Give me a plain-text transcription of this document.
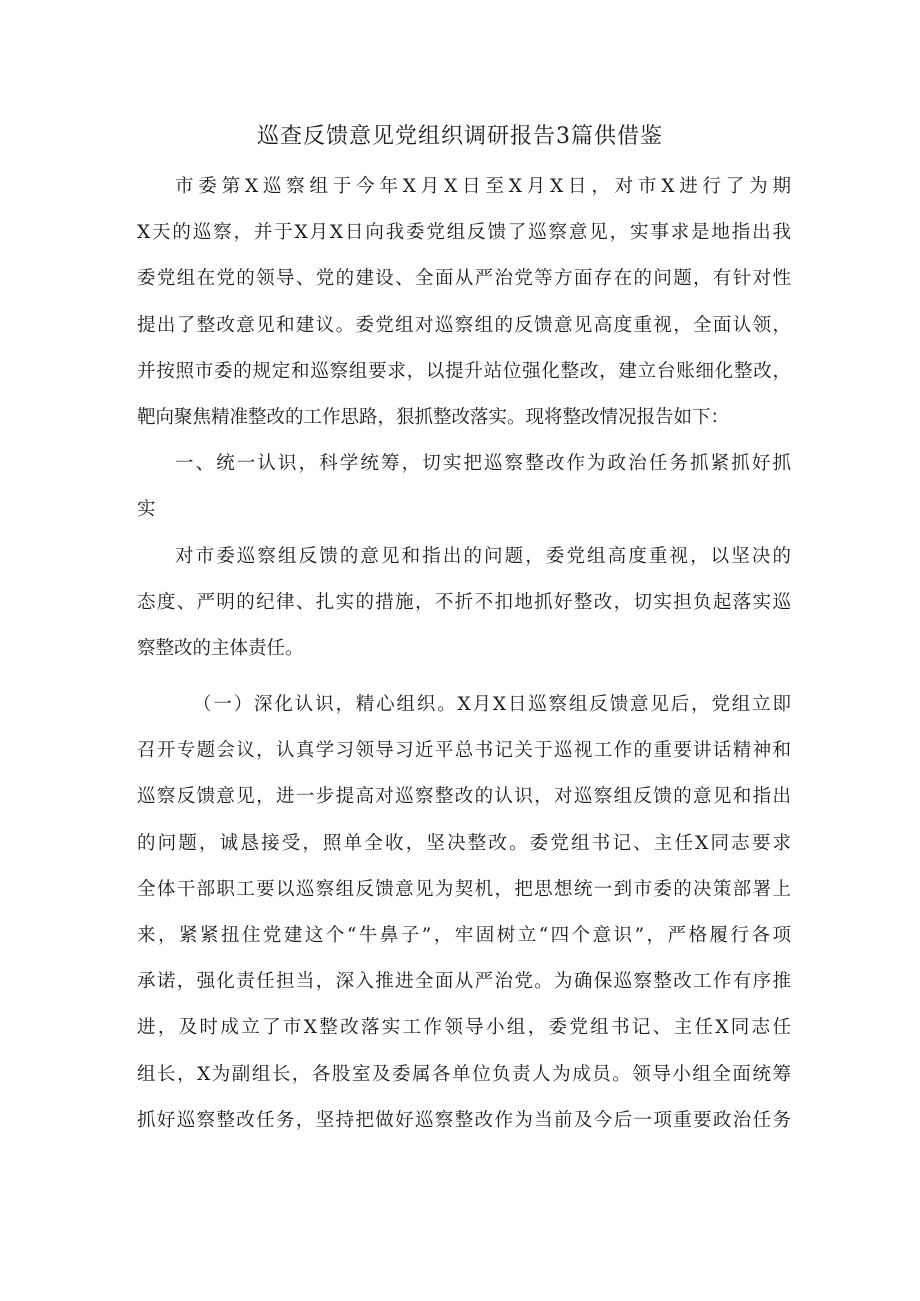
巡查反馈意见党组织调研报告3篇供借鉴
市委第X巡察组于今年X月X日至X月X日，对市X进行了为期
X天的巡察，并于X月X日向我委党组反馈了巡察意见，实事求是地指出我
委党组在党的领导、党的建设、全面从严治党等方面存在的问题，有针对性
提出了整改意见和建议。委党组对巡察组的反馈意见高度重视，全面认领，
并按照市委的规定和巡察组要求，以提升站位强化整改，建立台账细化整改，
靶向聚焦精准整改的工作思路，狠抓整改落实。现将整改情况报告如下：
一、统一认识，科学统筹，切实把巡察整改作为政治任务抓紧抓好抓
实
对市委巡察组反馈的意见和指出的问题，委党组高度重视，以坚决的
态度、严明的纪律、扎实的措施，不折不扣地抓好整改，切实担负起落实巡
察整改的主体责任。
（一）深化认识，精心组织。X月X日巡察组反馈意见后，党组立即
召开专题会议，认真学习领导习近平总书记关于巡视工作的重要讲话精神和
巡察反馈意见，进一步提高对巡察整改的认识，对巡察组反馈的意见和指出
的问题，诚恳接受，照单全收，坚决整改。委党组书记、主任X同志要求
全体干部职工要以巡察组反馈意见为契机，把思想统一到市委的决策部署上
来，紧紧扭住党建这个“牛鼻子”，牢固树立“四个意识”，严格履行各项
承诺，强化责任担当，深入推进全面从严治党。为确保巡察整改工作有序推
进，及时成立了市X整改落实工作领导小组，委党组书记、主任X同志任
组长，X为副组长，各股室及委属各单位负责人为成员。领导小组全面统筹
抓好巡察整改任务，坚持把做好巡察整改作为当前及今后一项重要政治任务
